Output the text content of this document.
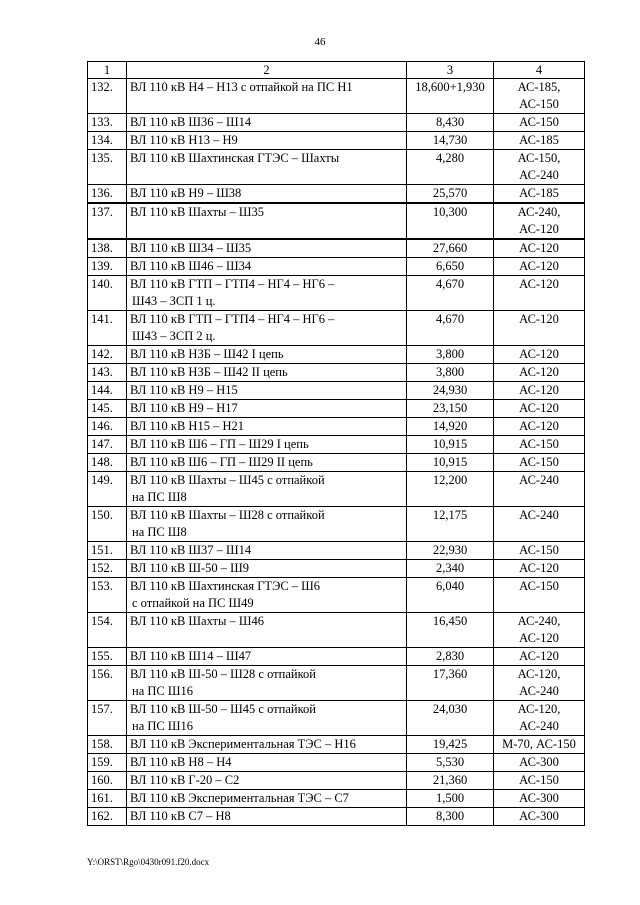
46
1	2	3	4
132.	ВЛ 110 кВ Н4 – Н13 с отпайкой на ПС Н1	18,600+1,930	АС-185, АС-150
133.	ВЛ 110 кВ Ш36 – Ш14	8,430	АС-150
134.	ВЛ 110 кВ Н13 – Н9	14,730	АС-185
135.	ВЛ 110 кВ Шахтинская ГТЭС – Шахты	4,280	АС-150, АС-240
136.	ВЛ 110 кВ Н9 – Ш38	25,570	АС-185
137.	ВЛ 110 кВ Шахты – Ш35	10,300	АС-240, АС-120
138.	ВЛ 110 кВ Ш34 – Ш35	27,660	АС-120
139.	ВЛ 110 кВ Ш46 – Ш34	6,650	АС-120
140.	ВЛ 110 кВ ГТП – ГТП4 – НГ4 – НГ6 –
Ш43 – ЗСП 1 ц.	4,670	АС-120
141.	ВЛ 110 кВ ГТП – ГТП4 – НГ4 – НГ6 –
Ш43 – ЗСП 2 ц.	4,670	АС-120
142.	ВЛ 110 кВ НЗБ – Ш42 I цепь	3,800	АС-120
143.	ВЛ 110 кВ НЗБ – Ш42 II цепь	3,800	АС-120
144.	ВЛ 110 кВ Н9 – Н15	24,930	АС-120
145.	ВЛ 110 кВ Н9 – Н17	23,150	АС-120
146.	ВЛ 110 кВ Н15 – Н21	14,920	АС-120
147.	ВЛ 110 кВ Ш6 – ГП – Ш29 I цепь	10,915	АС-150
148.	ВЛ 110 кВ Ш6 – ГП – Ш29 II цепь	10,915	АС-150
149.	ВЛ 110 кВ Шахты – Ш45 с отпайкой
на ПС Ш8	12,200	АС-240
150.	ВЛ 110 кВ Шахты – Ш28 с отпайкой
на ПС Ш8	12,175	АС-240
151.	ВЛ 110 кВ Ш37 – Ш14	22,930	АС-150
152.	ВЛ 110 кВ Ш-50 – Ш9	2,340	АС-120
153.	ВЛ 110 кВ Шахтинская ГТЭС – Ш6
с отпайкой на ПС Ш49	6,040	АС-150
154.	ВЛ 110 кВ Шахты – Ш46	16,450	АС-240, АС-120
155.	ВЛ 110 кВ Ш14 – Ш47	2,830	АС-120
156.	ВЛ 110 кВ Ш-50 – Ш28 с отпайкой
на ПС Ш16	17,360	АС-120, АС-240
157.	ВЛ 110 кВ Ш-50 – Ш45 с отпайкой
на ПС Ш16	24,030	АС-120, АС-240
158.	ВЛ 110 кВ Экспериментальная ТЭС – Н16	19,425	М-70, АС-150
159.	ВЛ 110 кВ Н8 – Н4	5,530	АС-300
160.	ВЛ 110 кВ Г-20 – С2	21,360	АС-150
161.	ВЛ 110 кВ Экспериментальная ТЭС – С7	1,500	АС-300
162.	ВЛ 110 кВ С7 – Н8	8,300	АС-300
Y:\ORST\Rgo\0430r091.f20.docx
